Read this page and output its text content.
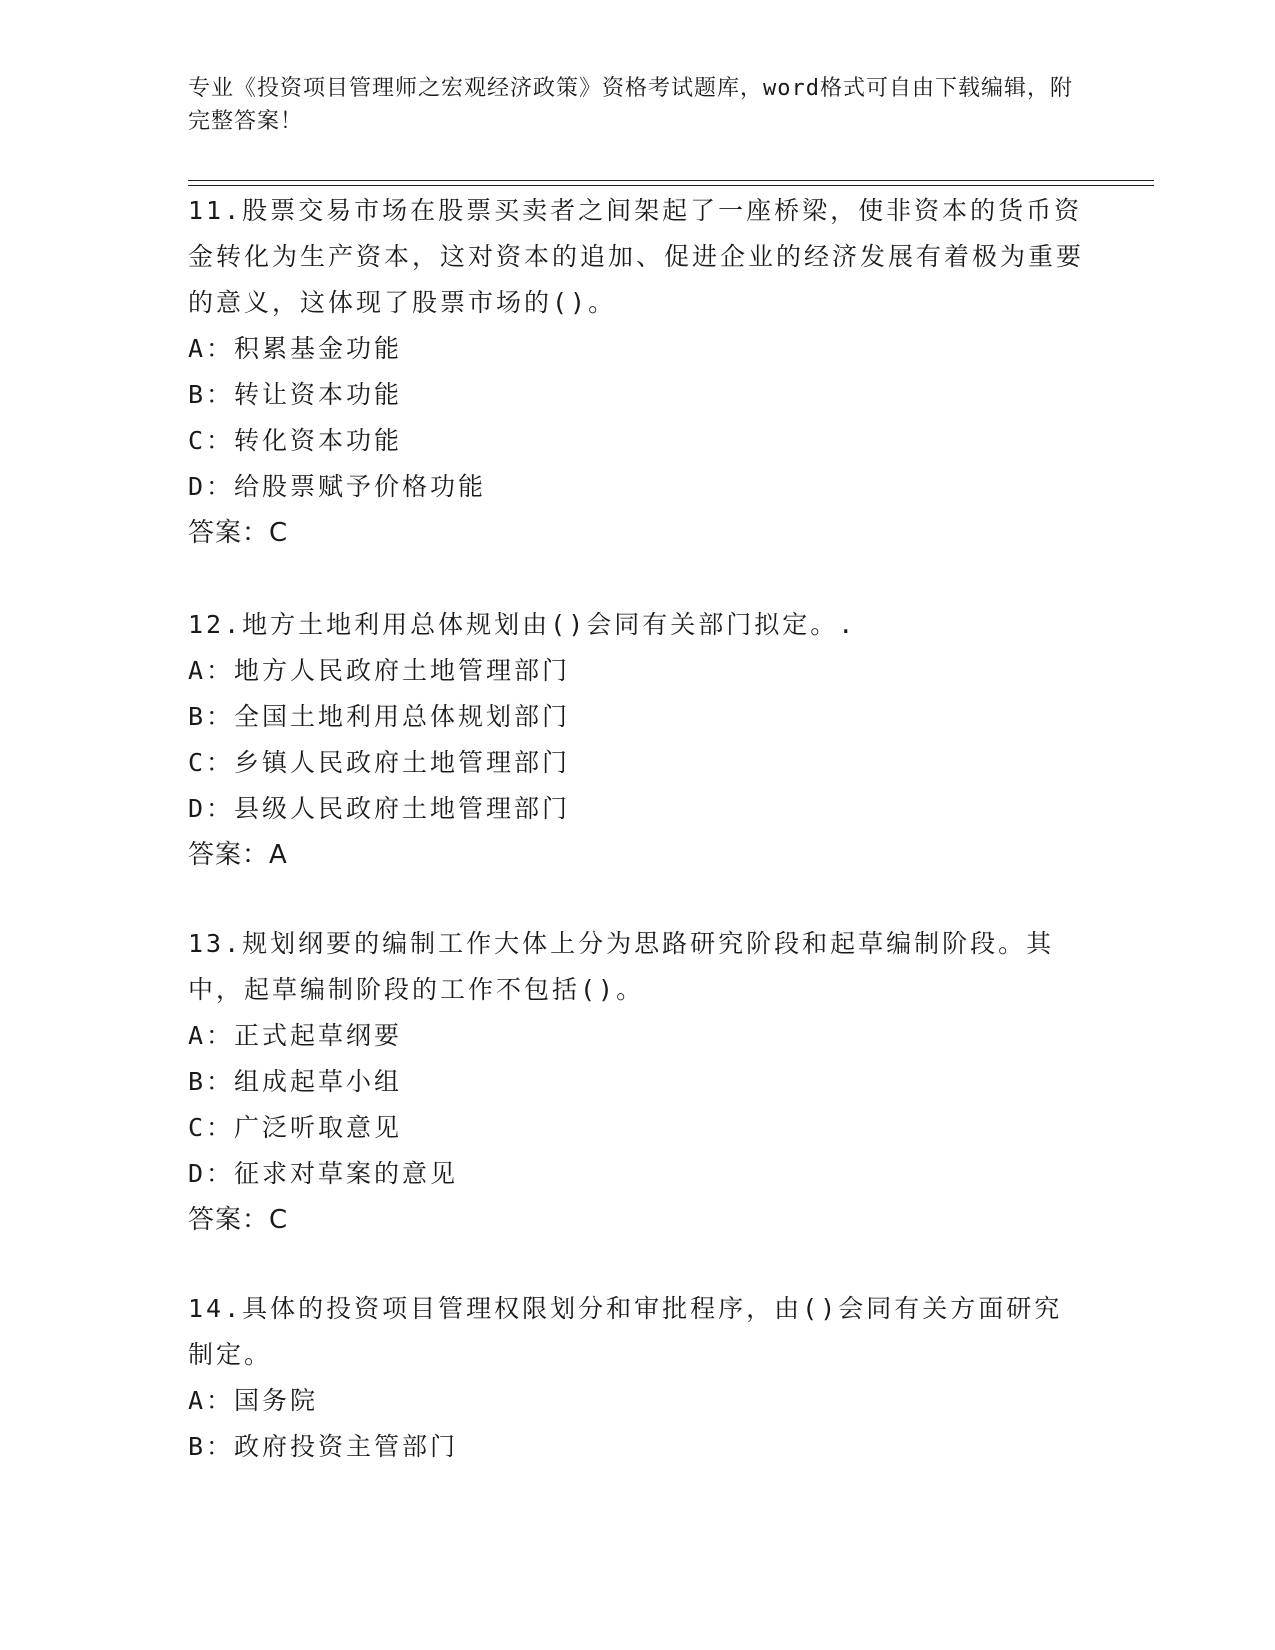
专业《投资项目管理师之宏观经济政策》资格考试题库，word格式可自由下载编辑，附完整答案！
11.股票交易市场在股票买卖者之间架起了一座桥梁，使非资本的货币资金转化为生产资本，这对资本的追加、促进企业的经济发展有着极为重要的意义，这体现了股票市场的()。
A：积累基金功能
B：转让资本功能
C：转化资本功能
D：给股票赋予价格功能
答案：C
12.地方土地利用总体规划由()会同有关部门拟定。.
A：地方人民政府土地管理部门
B：全国土地利用总体规划部门
C：乡镇人民政府土地管理部门
D：县级人民政府土地管理部门
答案：A
13.规划纲要的编制工作大体上分为思路研究阶段和起草编制阶段。其中，起草编制阶段的工作不包括()。
A：正式起草纲要
B：组成起草小组
C：广泛听取意见
D：征求对草案的意见
答案：C
14.具体的投资项目管理权限划分和审批程序，由()会同有关方面研究制定。
A：国务院
B：政府投资主管部门
